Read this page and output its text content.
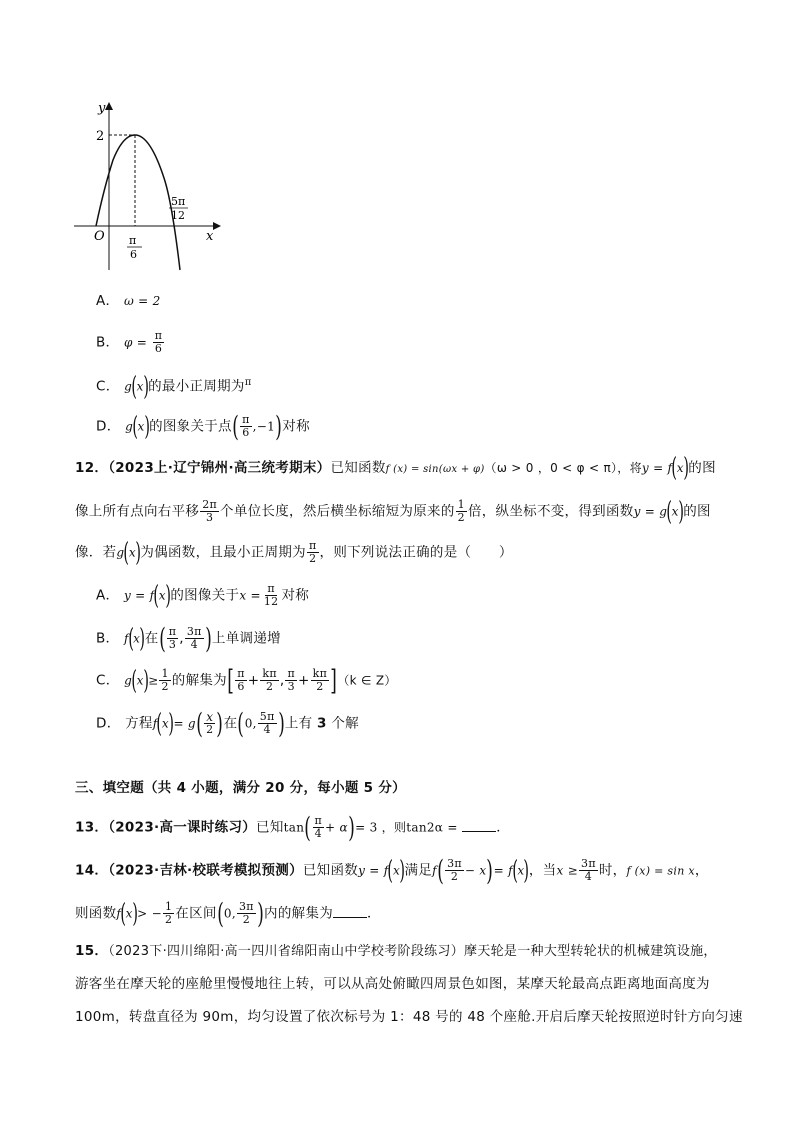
y
x
O
2
π
6
5π
12
A． ω = 2
B． $\varphi = \frac{\pi}{6}$
C． g(x)的最小正周期为$^\pi$
D． g(x)的图象关于点( $\frac{\pi}{6} ,-1$)对称
12．（2023上·辽宁锦州·高三统考期末）已知函数f (x) = sin(ωx + φ)（ω > 0 ，0 < φ < π），将y = f(x)的图
像上所有点向右平移 $\frac{2\pi}{3}$ 个单位长度，然后横坐标缩短为原来的 $\frac{1}{2}$ 倍，纵坐标不变，得到函数y = g(x)的图
像．若g(x)为偶函数，且最小正周期为 $\frac{\pi}{2}$ ，则下列说法正确的是（　　）
A． y = f(x)的图像关于$x = \frac{\pi}{12}$ 对称
B． f(x)在( $\frac{\pi}{3}$ , $\frac{3\pi}{4}$ )上单调递增
C． $g(x)\ge \frac{1}{2}$ 的解集为[ $\frac{\pi}{6} + \frac{k\pi}{2}$ , $\frac{\pi}{3} + \frac{k\pi}{2} ](k$ ∈ Z）
D． 方程$f(x)= g( \frac{x}{2}$ )在(0, $\frac{5\pi}{4}$ )上有 3 个解
三、填空题（共 4 小题，满分 20 分，每小题 5 分）
13．（2023·高一课时练习）已知$\tan( \frac{\pi}{4} + \alpha)= 3$ ，则tan2α =	．
14．（2023·吉林·校联考模拟预测）已知函数y = f(x)满足$f( \frac{3\pi}{2} - x)= f(x)$，当$x \ge \frac{3\pi}{4}$ 时，f (x) = sin x，
则函数$f(x)> - \frac{1}{2}$ 在区间(0, $\frac{3\pi}{2}$ )内的解集为	．
15．（2023下·四川绵阳·高一四川省绵阳南山中学校考阶段练习）摩天轮是一种大型转轮状的机械建筑设施，
游客坐在摩天轮的座舱里慢慢地往上转，可以从高处俯瞰四周景色如图，某摩天轮最高点距离地面高度为
100m，转盘直径为 90m，均匀设置了依次标号为 1：48 号的 48 个座舱.开启后摩天轮按照逆时针方向匀速
